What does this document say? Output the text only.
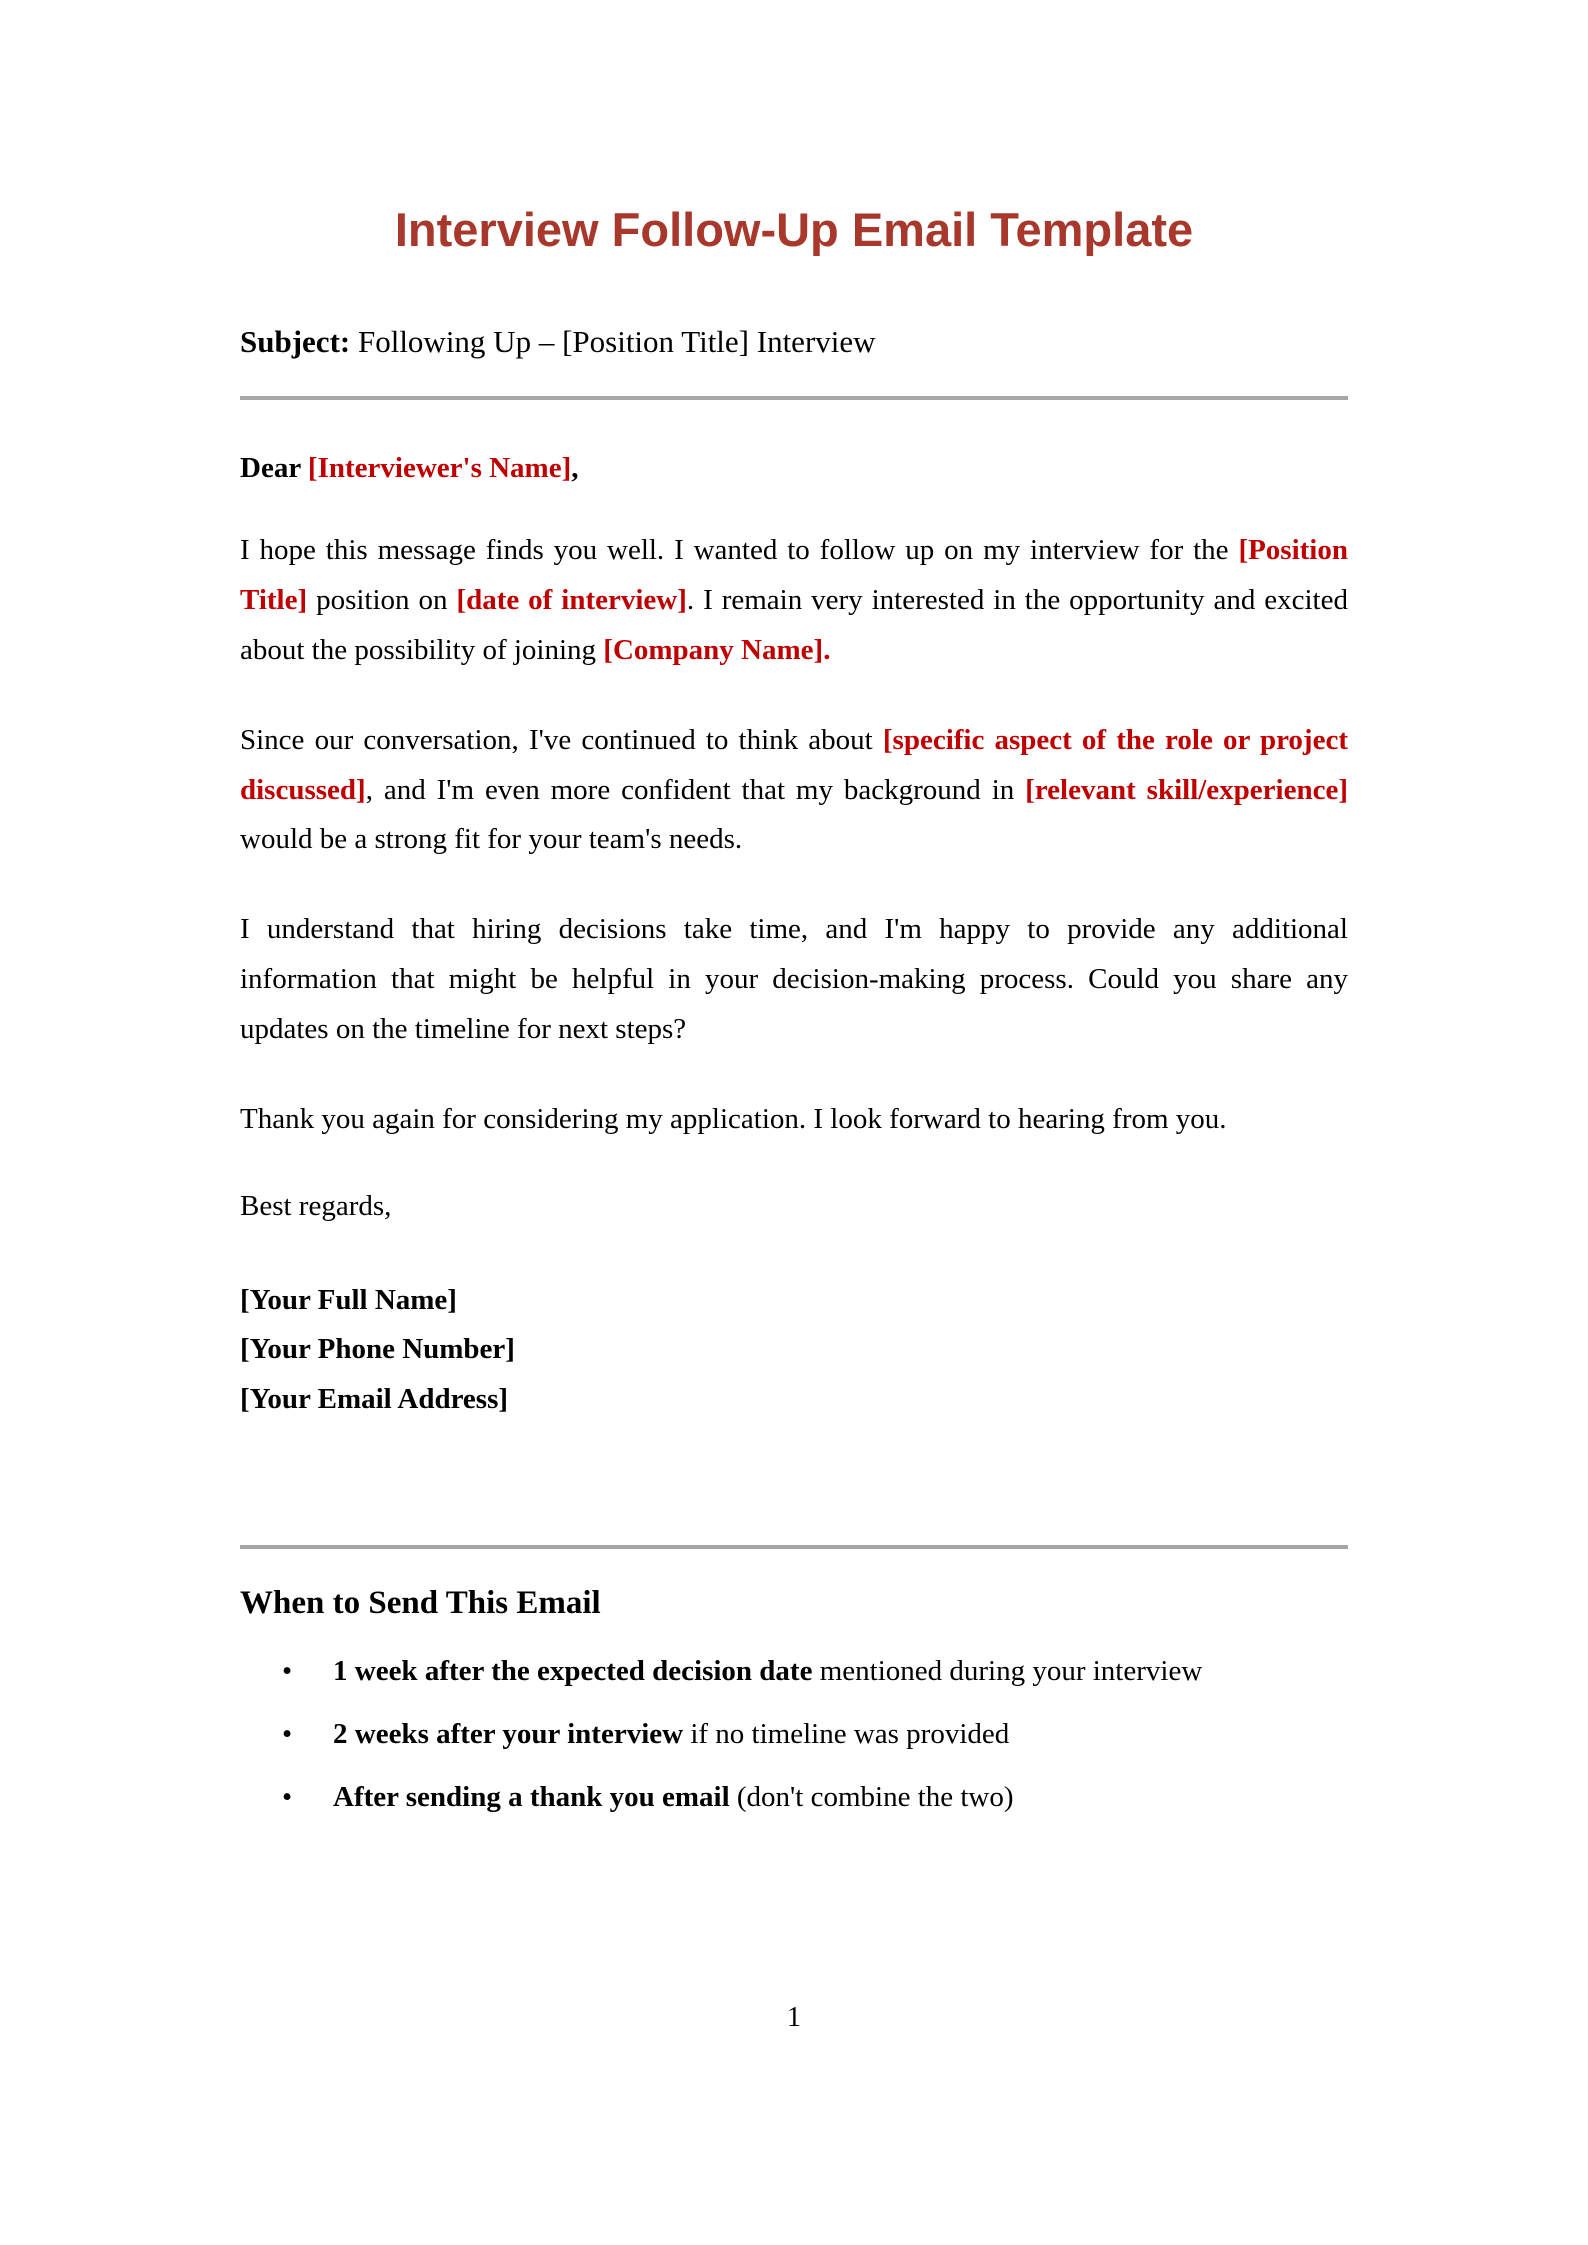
Interview Follow-Up Email Template

Subject: Following Up – [Position Title] Interview

Dear [Interviewer's Name],

I hope this message finds you well. I wanted to follow up on my interview for the [Position Title] position on [date of interview]. I remain very interested in the opportunity and excited about the possibility of joining [Company Name].

Since our conversation, I've continued to think about [specific aspect of the role or project discussed], and I'm even more confident that my background in [relevant skill/experience] would be a strong fit for your team's needs.

I understand that hiring decisions take time, and I'm happy to provide any additional information that might be helpful in your decision-making process. Could you share any updates on the timeline for next steps?

Thank you again for considering my application. I look forward to hearing from you.

Best regards,

[Your Full Name]

[Your Phone Number]

[Your Email Address]

When to Send This Email
• 1 week after the expected decision date mentioned during your interview
• 2 weeks after your interview if no timeline was provided
• After sending a thank you email (don't combine the two)
1
